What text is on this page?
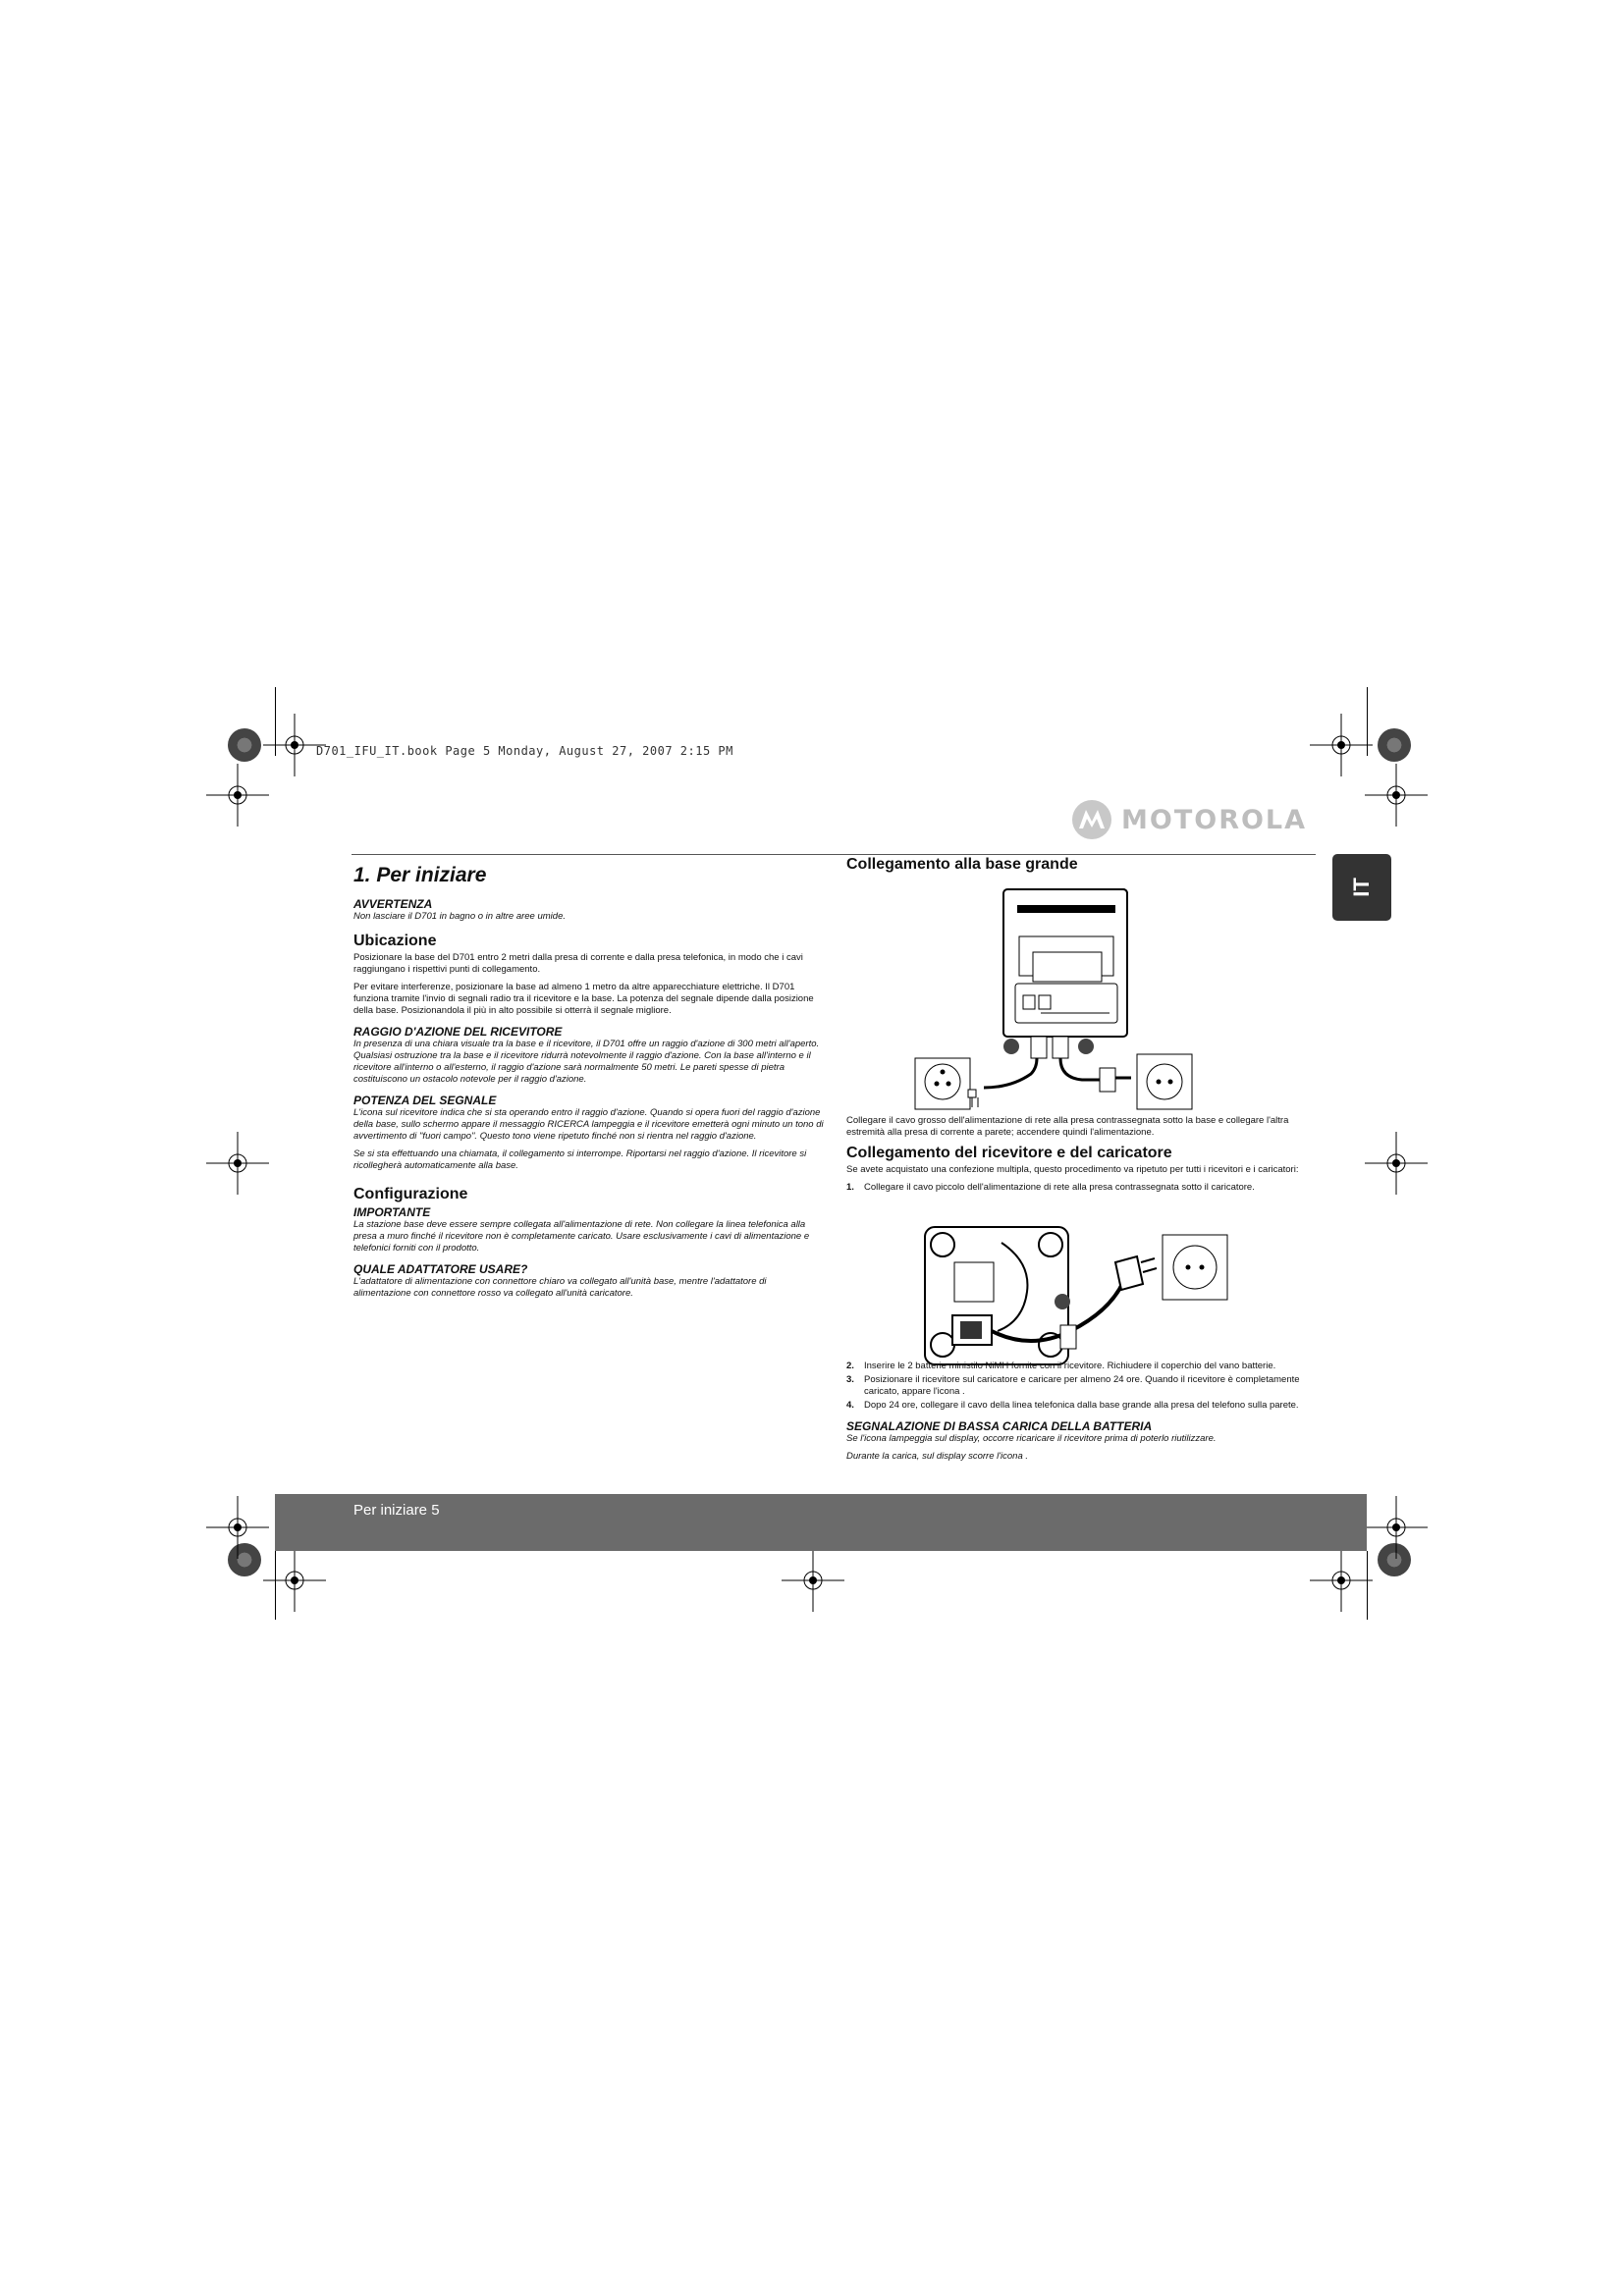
D701_IFU_IT.book Page 5 Monday, August 27, 2007 2:15 PM
MOTOROLA
IT
1. Per iniziare
AVVERTENZA
Non lasciare il D701 in bagno o in altre aree umide.
Ubicazione
Posizionare la base del D701 entro 2 metri dalla presa di corrente e dalla presa telefonica, in modo che i cavi raggiungano i rispettivi punti di collegamento.
Per evitare interferenze, posizionare la base ad almeno 1 metro da altre apparecchiature elettriche. Il D701 funziona tramite l'invio di segnali radio tra il ricevitore e la base. La potenza del segnale dipende dalla posizione della base. Posizionandola il più in alto possibile si otterrà il segnale migliore.
RAGGIO D'AZIONE DEL RICEVITORE
In presenza di una chiara visuale tra la base e il ricevitore, il D701 offre un raggio d'azione di 300 metri all'aperto. Qualsiasi ostruzione tra la base e il ricevitore ridurrà notevolmente il raggio d'azione. Con la base all'interno e il ricevitore all'interno o all'esterno, il raggio d'azione sarà normalmente 50 metri. Le pareti spesse di pietra costituiscono un ostacolo notevole per il raggio d'azione.
POTENZA DEL SEGNALE
L'icona sul ricevitore indica che si sta operando entro il raggio d'azione. Quando si opera fuori del raggio d'azione della base, sullo schermo appare il messaggio RICERCA lampeggia e il ricevitore emetterà ogni minuto un tono di avvertimento di "fuori campo". Questo tono viene ripetuto finché non si rientra nel raggio d'azione.
Se si sta effettuando una chiamata, il collegamento si interrompe. Riportarsi nel raggio d'azione. Il ricevitore si ricollegherà automaticamente alla base.
Configurazione
IMPORTANTE
La stazione base deve essere sempre collegata all'alimentazione di rete. Non collegare la linea telefonica alla presa a muro finché il ricevitore non è completamente caricato. Usare esclusivamente i cavi di alimentazione e telefonici forniti con il prodotto.
QUALE ADATTATORE USARE?
L'adattatore di alimentazione con connettore chiaro va collegato all'unità base, mentre l'adattatore di alimentazione con connettore rosso va collegato all'unità caricatore.
Collegamento alla base grande
Collegare il cavo grosso dell'alimentazione di rete alla presa contrassegnata sotto la base e collegare l'altra estremità alla presa di corrente a parete; accendere quindi l'alimentazione.
Collegamento del ricevitore e del caricatore
Se avete acquistato una confezione multipla, questo procedimento va ripetuto per tutti i ricevitori e i caricatori:
1.	Collegare il cavo piccolo dell'alimentazione di rete alla presa contrassegnata sotto il caricatore.
2.	Inserire le 2 batterie ministilo NiMH fornite con il ricevitore. Richiudere il coperchio del vano batterie.
3.	Posizionare il ricevitore sul caricatore e caricare per almeno 24 ore. Quando il ricevitore è completamente caricato, appare l'icona .
4.	Dopo 24 ore, collegare il cavo della linea telefonica dalla base grande alla presa del telefono sulla parete.
SEGNALAZIONE DI BASSA CARICA DELLA BATTERIA
Se l'icona lampeggia sul display, occorre ricaricare il ricevitore prima di poterlo riutilizzare.
Durante la carica, sul display scorre l'icona .
Per iniziare 5
